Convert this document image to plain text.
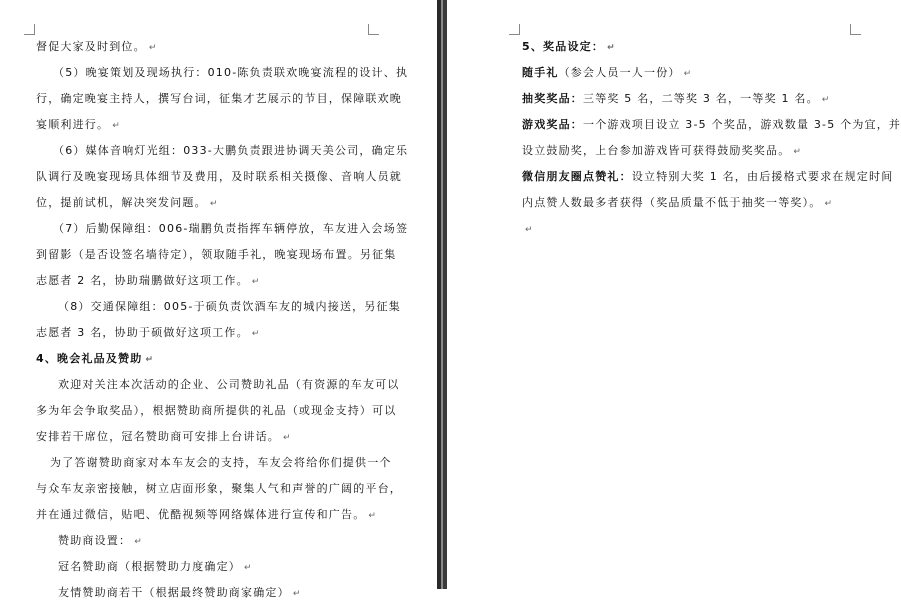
督促大家及时到位。 ↵
（5）晚宴策划及现场执行：010-陈负责联欢晚宴流程的设计、执
行，确定晚宴主持人，撰写台词，征集才艺展示的节目，保障联欢晚
宴顺利进行。 ↵
（6）媒体音响灯光组：033-大鹏负责跟进协调天美公司，确定乐
队调行及晚宴现场具体细节及费用，及时联系相关摄像、音响人员就
位，提前试机，解决突发问题。 ↵
（7）后勤保障组：006-瑞鹏负责指挥车辆停放，车友进入会场签
到留影（是否设签名墙待定），领取随手礼，晚宴现场布置。另征集
志愿者 2 名，协助瑞鹏做好这项工作。 ↵
（8）交通保障组：005-于硕负责饮酒车友的城内接送，另征集
志愿者 3 名，协助于硕做好这项工作。 ↵
4、晚会礼品及赞助 ↵
欢迎对关注本次活动的企业、公司赞助礼品（有资源的车友可以
多为年会争取奖品），根据赞助商所提供的礼品（或现金支持）可以
安排若干席位，冠名赞助商可安排上台讲话。 ↵
为了答谢赞助商家对本车友会的支持，车友会将给你们提供一个
与众车友亲密接触，树立店面形象，聚集人气和声誉的广阔的平台，
并在通过微信，贴吧、优酷视频等网络媒体进行宣传和广告。 ↵
赞助商设置： ↵
冠名赞助商（根据赞助力度确定） ↵
友情赞助商若干（根据最终赞助商家确定） ↵
5、奖品设定： ↵
随手礼（参会人员一人一份） ↵
抽奖奖品：三等奖 5 名，二等奖 3 名，一等奖 1 名。 ↵
游戏奖品：一个游戏项目设立 3-5 个奖品，游戏数量 3-5 个为宜，并
设立鼓励奖，上台参加游戏皆可获得鼓励奖奖品。 ↵
微信朋友圈点赞礼：设立特别大奖 1 名，由后援格式要求在规定时间
内点赞人数最多者获得（奖品质量不低于抽奖一等奖）。 ↵
↵
